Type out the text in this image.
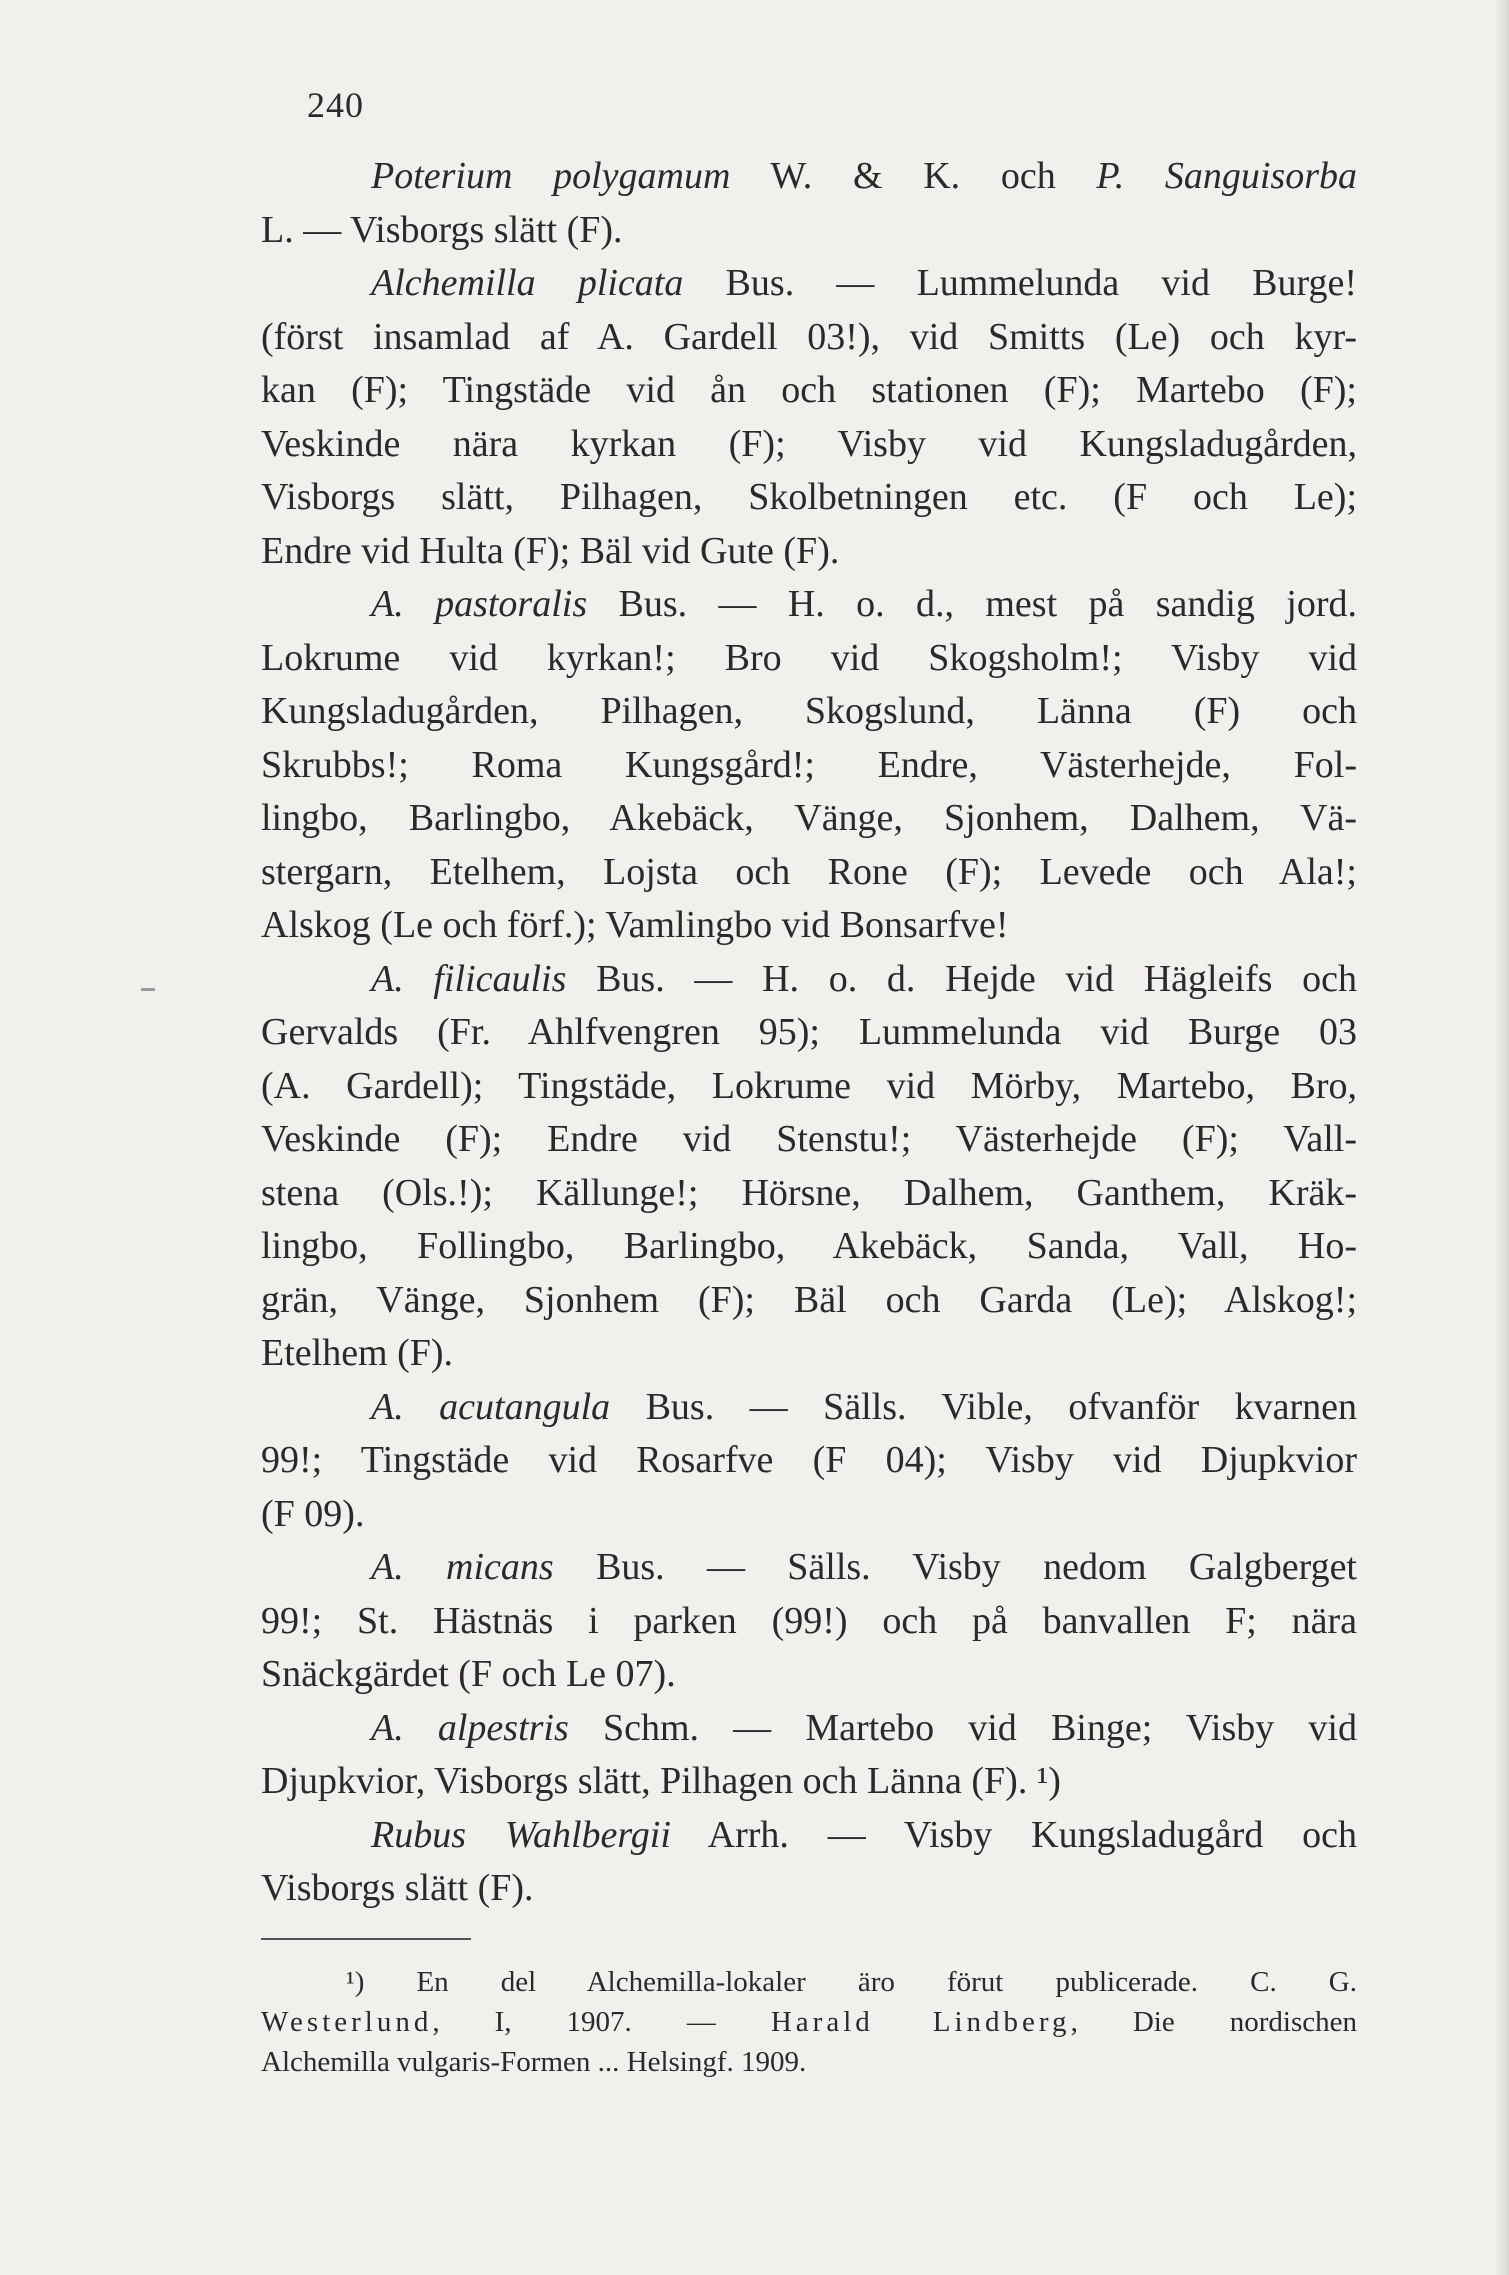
240
Poterium polygamum W. & K. och P. Sanguisorba
L. — Visborgs slätt (F).
Alchemilla plicata Bus. — Lummelunda vid Burge!
(först insamlad af A. Gardell 03!), vid Smitts (Le) och kyr-
kan (F); Tingstäde vid ån och stationen (F); Martebo (F);
Veskinde nära kyrkan (F); Visby vid Kungsladugården,
Visborgs slätt, Pilhagen, Skolbetningen etc. (F och Le);
Endre vid Hulta (F); Bäl vid Gute (F).
A. pastoralis Bus. — H. o. d., mest på sandig jord.
Lokrume vid kyrkan!; Bro vid Skogsholm!; Visby vid
Kungsladugården, Pilhagen, Skogslund, Länna (F) och
Skrubbs!; Roma Kungsgård!; Endre, Västerhejde, Fol-
lingbo, Barlingbo, Akebäck, Vänge, Sjonhem, Dalhem, Vä-
stergarn, Etelhem, Lojsta och Rone (F); Levede och Ala!;
Alskog (Le och förf.); Vamlingbo vid Bonsarfve!
A. filicaulis Bus. — H. o. d. Hejde vid Hägleifs och
Gervalds (Fr. Ahlfvengren 95); Lummelunda vid Burge 03
(A. Gardell); Tingstäde, Lokrume vid Mörby, Martebo, Bro,
Veskinde (F); Endre vid Stenstu!; Västerhejde (F); Vall-
stena (Ols.!); Källunge!; Hörsne, Dalhem, Ganthem, Kräk-
lingbo, Follingbo, Barlingbo, Akebäck, Sanda, Vall, Ho-
grän, Vänge, Sjonhem (F); Bäl och Garda (Le); Alskog!;
Etelhem (F).
A. acutangula Bus. — Sälls. Vible, ofvanför kvarnen
99!; Tingstäde vid Rosarfve (F 04); Visby vid Djupkvior
(F 09).
A. micans Bus. — Sälls. Visby nedom Galgberget
99!; St. Hästnäs i parken (99!) och på banvallen F; nära
Snäckgärdet (F och Le 07).
A. alpestris Schm. — Martebo vid Binge; Visby vid
Djupkvior, Visborgs slätt, Pilhagen och Länna (F). ¹)
Rubus Wahlbergii Arrh. — Visby Kungsladugård och
Visborgs slätt (F).
¹) En del Alchemilla-lokaler äro förut publicerade. C. G.
Westerlund, I, 1907. — Harald Lindberg, Die nordischen
Alchemilla vulgaris-Formen ... Helsingf. 1909.
